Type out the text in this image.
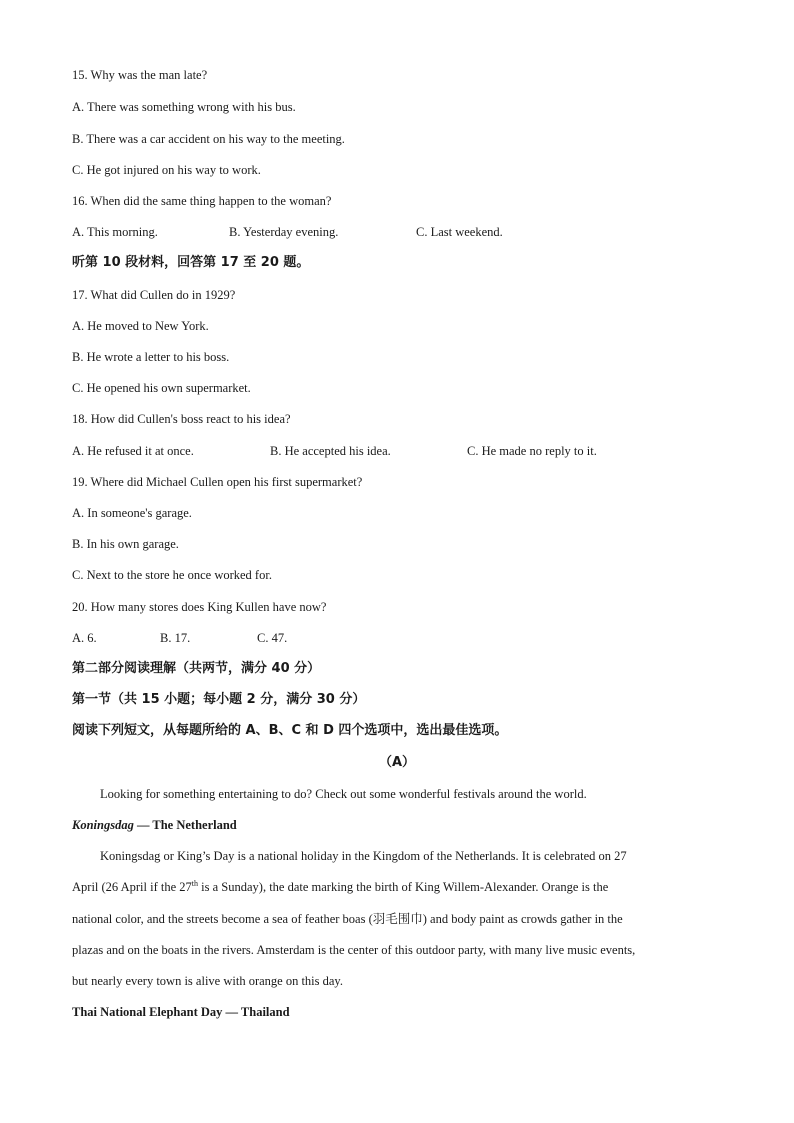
15. Why was the man late?
A. There was something wrong with his bus.
B. There was a car accident on his way to the meeting.
C. He got injured on his way to work.
16. When did the same thing happen to the woman?
A. This morning.	B. Yesterday evening.	C. Last weekend.
听第 10 段材料，回答第 17 至 20 题。
17. What did Cullen do in 1929?
A. He moved to New York.
B. He wrote a letter to his boss.
C. He opened his own supermarket.
18. How did Cullen's boss react to his idea?
A. He refused it at once.	B. He accepted his idea.	C. He made no reply to it.
19. Where did Michael Cullen open his first supermarket?
A. In someone's garage.
B. In his own garage.
C. Next to the store he once worked for.
20. How many stores does King Kullen have now?
A. 6.	B. 17.	C. 47.
第二部分阅读理解（共两节，满分 40 分）
第一节（共 15 小题；每小题 2 分，满分 30 分）
阅读下列短文，从每题所给的 A、B、C 和 D 四个选项中，选出最佳选项。
（A）
Looking for something entertaining to do? Check out some wonderful festivals around the world.
Koningsdag — The Netherland
Koningsdag or King’s Day is a national holiday in the Kingdom of the Netherlands. It is celebrated on 27
April (26 April if the 27th is a Sunday), the date marking the birth of King Willem-Alexander. Orange is the
national color, and the streets become a sea of feather boas (羽毛围巾) and body paint as crowds gather in the
plazas and on the boats in the rivers. Amsterdam is the center of this outdoor party, with many live music events,
but nearly every town is alive with orange on this day.
Thai National Elephant Day — Thailand
